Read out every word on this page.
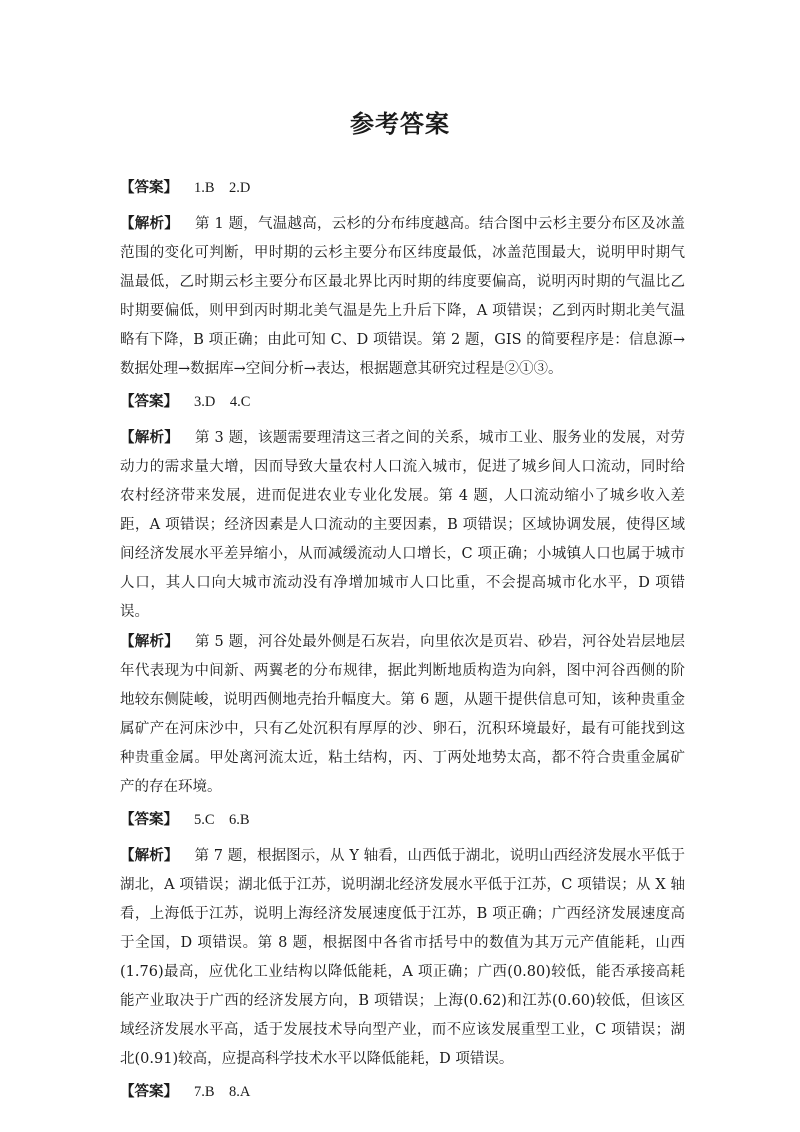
参考答案

【答案】 1.B　2.D

【解析】 第 1 题，气温越高，云杉的分布纬度越高。结合图中云杉主要分布区及冰盖范围的变化可判断，甲时期的云杉主要分布区纬度最低，冰盖范围最大，说明甲时期气温最低，乙时期云杉主要分布区最北界比丙时期的纬度要偏高，说明丙时期的气温比乙时期要偏低，则甲到丙时期北美气温是先上升后下降，A 项错误；乙到丙时期北美气温略有下降，B 项正确；由此可知 C、D 项错误。第 2 题，GIS 的简要程序是：信息源→数据处理→数据库→空间分析→表达，根据题意其研究过程是②①③。

【答案】 3.D　4.C

【解析】 第 3 题，该题需要理清这三者之间的关系，城市工业、服务业的发展，对劳动力的需求量大增，因而导致大量农村人口流入城市，促进了城乡间人口流动，同时给农村经济带来发展，进而促进农业专业化发展。第 4 题，人口流动缩小了城乡收入差距，A 项错误；经济因素是人口流动的主要因素，B 项错误；区域协调发展，使得区域间经济发展水平差异缩小，从而减缓流动人口增长，C 项正确；小城镇人口也属于城市人口，其人口向大城市流动没有净增加城市人口比重，不会提高城市化水平，D 项错误。

【解析】 第 5 题，河谷处最外侧是石灰岩，向里依次是页岩、砂岩，河谷处岩层地层年代表现为中间新、两翼老的分布规律，据此判断地质构造为向斜，图中河谷西侧的阶地较东侧陡峻，说明西侧地壳抬升幅度大。第 6 题，从题干提供信息可知，该种贵重金属矿产在河床沙中，只有乙处沉积有厚厚的沙、卵石，沉积环境最好，最有可能找到这种贵重金属。甲处离河流太近，粘土结构，丙、丁两处地势太高，都不符合贵重金属矿产的存在环境。

【答案】 5.C　6.B

【解析】 第 7 题，根据图示，从 Y 轴看，山西低于湖北，说明山西经济发展水平低于湖北，A 项错误；湖北低于江苏，说明湖北经济发展水平低于江苏，C 项错误；从 X 轴看，上海低于江苏，说明上海经济发展速度低于江苏，B 项正确；广西经济发展速度高于全国，D 项错误。第 8 题，根据图中各省市括号中的数值为其万元产值能耗，山西(1.76)最高，应优化工业结构以降低能耗，A 项正确；广西(0.80)较低，能否承接高耗能产业取决于广西的经济发展方向，B 项错误；上海(0.62)和江苏(0.60)较低，但该区域经济发展水平高，适于发展技术导向型产业，而不应该发展重型工业，C 项错误；湖北(0.91)较高，应提高科学技术水平以降低能耗，D 项错误。

【答案】 7.B　8.A
